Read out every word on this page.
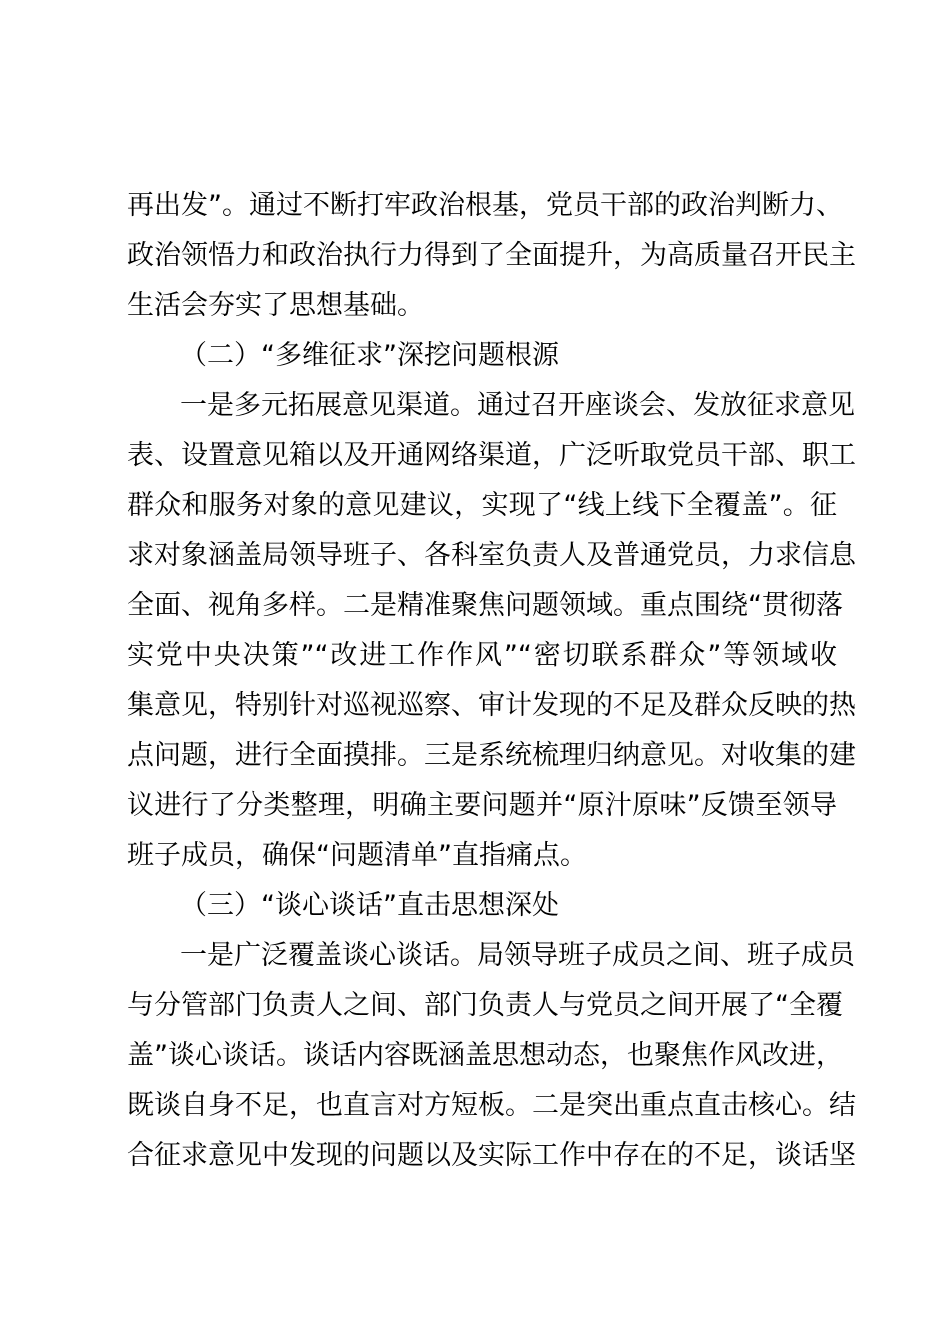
再出发”。通过不断打牢政治根基，党员干部的政治判断力、
政治领悟力和政治执行力得到了全面提升，为高质量召开民主
生活会夯实了思想基础。
（二）“多维征求”深挖问题根源
一是多元拓展意见渠道。通过召开座谈会、发放征求意见
表、设置意见箱以及开通网络渠道，广泛听取党员干部、职工
群众和服务对象的意见建议，实现了“线上线下全覆盖”。征
求对象涵盖局领导班子、各科室负责人及普通党员，力求信息
全面、视角多样。二是精准聚焦问题领域。重点围绕“贯彻落
实党中央决策”“改进工作作风”“密切联系群众”等领域收
集意见，特别针对巡视巡察、审计发现的不足及群众反映的热
点问题，进行全面摸排。三是系统梳理归纳意见。对收集的建
议进行了分类整理，明确主要问题并“原汁原味”反馈至领导
班子成员，确保“问题清单”直指痛点。
（三）“谈心谈话”直击思想深处
一是广泛覆盖谈心谈话。局领导班子成员之间、班子成员
与分管部门负责人之间、部门负责人与党员之间开展了“全覆
盖”谈心谈话。谈话内容既涵盖思想动态，也聚焦作风改进，
既谈自身不足，也直言对方短板。二是突出重点直击核心。结
合征求意见中发现的问题以及实际工作中存在的不足，谈话坚
